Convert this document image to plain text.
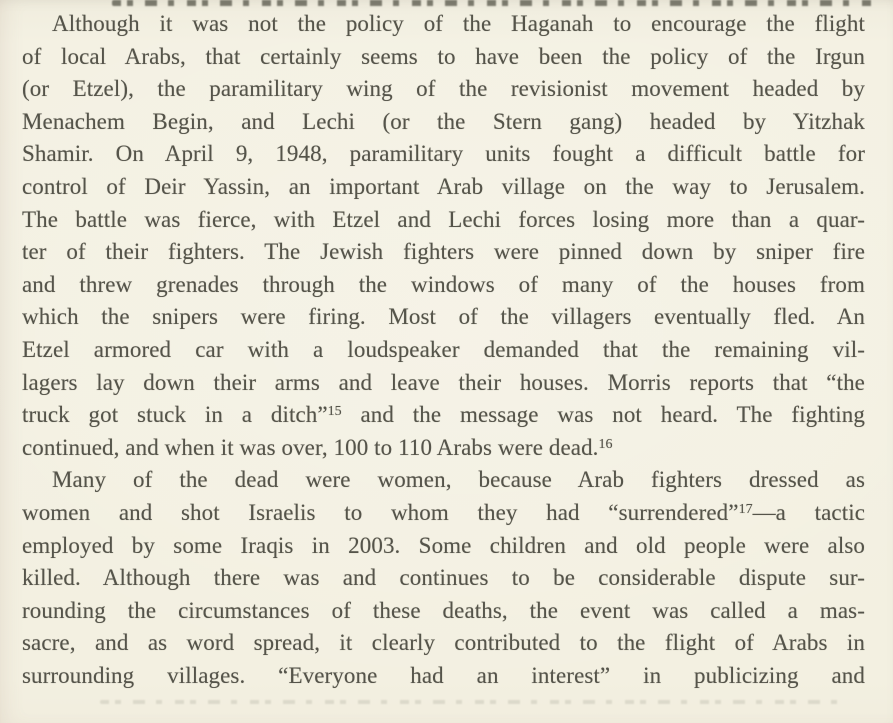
Although it was not the policy of the Haganah to encourage the flight
of local Arabs, that certainly seems to have been the policy of the Irgun
(or Etzel), the paramilitary wing of the revisionist movement headed by
Menachem Begin, and Lechi (or the Stern gang) headed by Yitzhak
Shamir. On April 9, 1948, paramilitary units fought a difficult battle for
control of Deir Yassin, an important Arab village on the way to Jerusalem.
The battle was fierce, with Etzel and Lechi forces losing more than a quar-
ter of their fighters. The Jewish fighters were pinned down by sniper fire
and threw grenades through the windows of many of the houses from
which the snipers were firing. Most of the villagers eventually fled. An
Etzel armored car with a loudspeaker demanded that the remaining vil-
lagers lay down their arms and leave their houses. Morris reports that “the
truck got stuck in a ditch”$^{15}$ and the message was not heard. The fighting
continued, and when it was over, 100 to 110 Arabs were dead.$^{16}$
Many of the dead were women, because Arab fighters dressed as
women and shot Israelis to whom they had “surrendered”$^{17}$—a tactic
employed by some Iraqis in 2003. Some children and old people were also
killed. Although there was and continues to be considerable dispute sur-
rounding the circumstances of these deaths, the event was called a mas-
sacre, and as word spread, it clearly contributed to the flight of Arabs in
surrounding villages. “Everyone had an interest” in publicizing and
